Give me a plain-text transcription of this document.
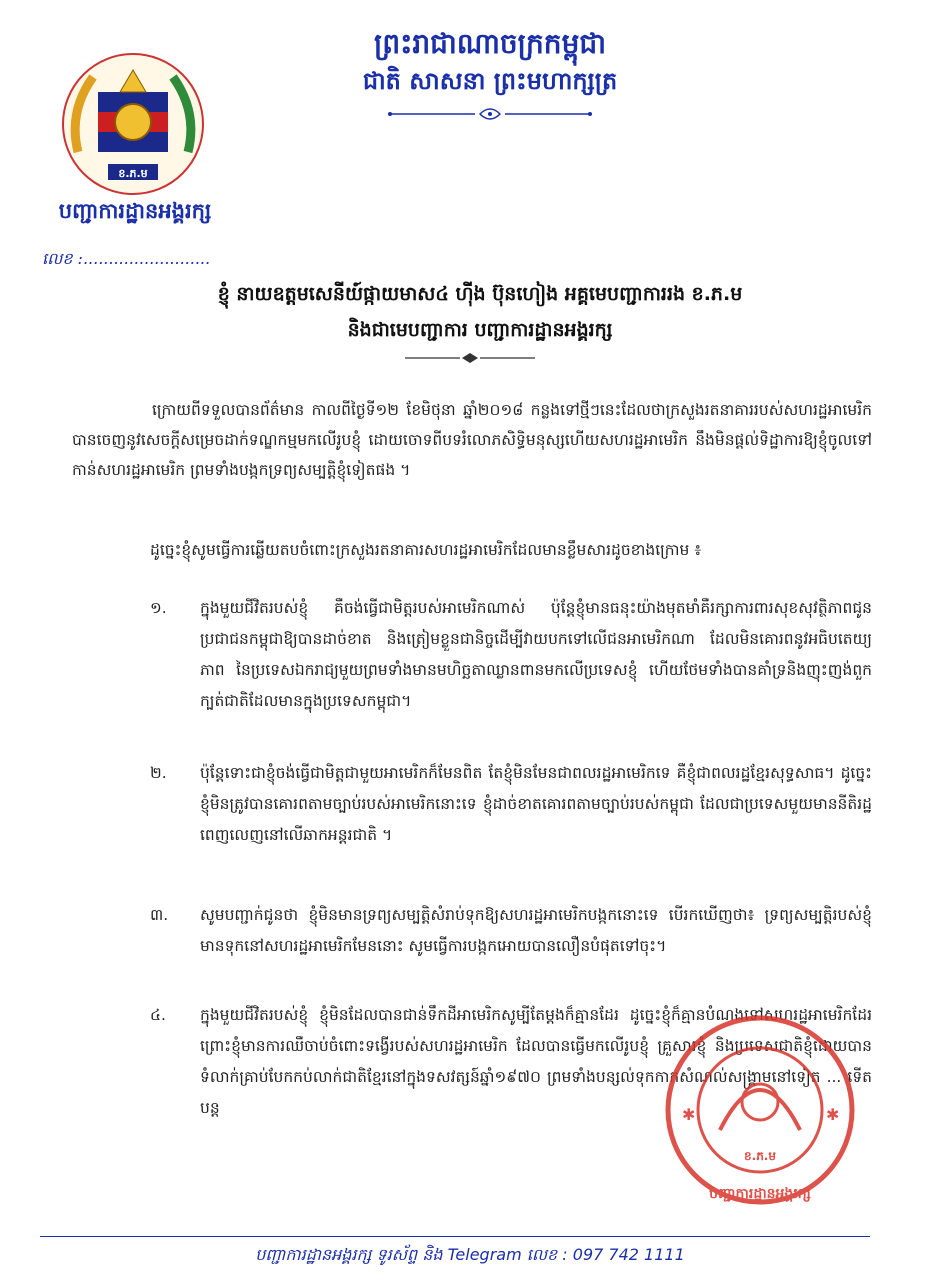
ខ.ភ.ម
បញ្ជាការដ្ឋានអង្គរក្ស
លេខ :.........................
ព្រះរាជាណាចក្រកម្ពុជា
ជាតិ សាសនា ព្រះមហាក្សត្រ
ខ្ញុំ នាយឧត្តមសេនីយ៍ផ្កាយមាស៤ ហ៊ីង ប៊ុនហៀង អគ្គមេបញ្ជាការរង ខ.ភ.ម
និងជាមេបញ្ជាការ បញ្ជាការដ្ឋានអង្គរក្ស
ក្រោយពីទទួលបានព័ត៌មាន កាលពីថ្ងៃទី១២ ខែមិថុនា ឆ្នាំ២០១៨ កន្លងទៅថ្មីៗនេះដែលថាក្រសួងរតនាគាររបស់សហរដ្ឋអាមេរិក បានចេញនូវសេចក្ដីសម្រេចដាក់ទណ្ឌកម្មមកលើរូបខ្ញុំ ដោយចោទពីបទរំលោភសិទ្ធិមនុស្សហើយសហរដ្ឋអាមេរិក នឹងមិនផ្ដល់ទិដ្ឋាការឱ្យខ្ញុំចូលទៅកាន់សហរដ្ឋអាមេរិក ព្រមទាំងបង្កកទ្រព្យសម្បត្តិខ្ញុំទៀតផង ។
ដូច្នេះខ្ញុំសូមធ្វើការឆ្លើយតបចំពោះក្រសួងរតនាគារសហរដ្ឋអាមេរិកដែលមានខ្លឹមសារដូចខាងក្រោម ៖
១.	ក្នុងមួយជីវិតរបស់ខ្ញុំ គឺចង់ធ្វើជាមិត្តរបស់អាមេរិកណាស់ ប៉ុន្តែខ្ញុំមានធនុះយ៉ាងមុតមាំគឺរក្សាការពារសុខសុវត្ថិភាពជូនប្រជាជនកម្ពុជាឱ្យបានដាច់ខាត និងត្រៀមខ្លួនជានិច្ចដើម្បីវាយបកទៅលើជនអាមេរិកណា ដែលមិនគោរពនូវអធិបតេយ្យភាព នៃប្រទេសឯករាជ្យមួយព្រមទាំងមានមហិច្ឆតាឈ្លានពានមកលើប្រទេសខ្ញុំ ហើយថែមទាំងបានគាំទ្រនិងញុះញង់ពួកក្បត់ជាតិដែលមានក្នុងប្រទេសកម្ពុជា។
២.	ប៉ុន្តែទោះជាខ្ញុំចង់ធ្វើជាមិត្តជាមួយអាមេរិកក៏មែនពិត តែខ្ញុំមិនមែនជាពលរដ្ឋអាមេរិកទេ គឺខ្ញុំជាពលរដ្ឋខ្មែរសុទ្ធសាធ។ ដូច្នេះខ្ញុំមិនត្រូវបានគោរពតាមច្បាប់របស់អាមេរិកនោះទេ ខ្ញុំដាច់ខាតគោរពតាមច្បាប់របស់កម្ពុជា ដែលជាប្រទេសមួយមាននីតិរដ្ឋពេញលេញនៅលើឆាកអន្តរជាតិ ។
៣.	សូមបញ្ជាក់ជូនថា ខ្ញុំមិនមានទ្រព្យសម្បត្តិសំរាប់ទុកឱ្យសហរដ្ឋអាមេរិកបង្កកនោះទេ បើរកឃើញថា៖ ទ្រព្យសម្បត្តិរបស់ខ្ញុំមានទុកនៅសហរដ្ឋអាមេរិកមែននោះ សូមធ្វើការបង្កកអោយបានលឿនបំផុតទៅចុះ។
៤.	ក្នុងមួយជីវិតរបស់ខ្ញុំ ខ្ញុំមិនដែលបានជាន់ទឹកដីអាមេរិកសូម្បីតែម្ដងក៏គ្មានដែរ ដូច្នេះខ្ញុំក៏គ្មានបំណងទៅសហរដ្ឋអាមេរិកដែរព្រោះខ្ញុំមានការឈឺចាប់ចំពោះទង្វើរបស់សហរដ្ឋអាមេរិក ដែលបានធ្វើមកលើរូបខ្ញុំ គ្រួសារខ្ញុំ និងប្រទេសជាតិខ្ញុំដោយបានទំលាក់គ្រាប់បែកកប់លាក់ជាតិខ្មែរនៅក្នុងទសវត្សន៍ឆ្នាំ១៩៧០ ព្រមទាំងបន្សល់ទុកកាកសំណល់សង្គ្រាមនៅទៀត ... ទើតបន្ត
ខ.ភ.ម
បញ្ជាការដ្ឋានអង្គរក្ស
✱	✱
បញ្ជាការដ្ឋានអង្គរក្ស ទូរស័ព្ទ និង Telegram លេខ : 097 742 1111
